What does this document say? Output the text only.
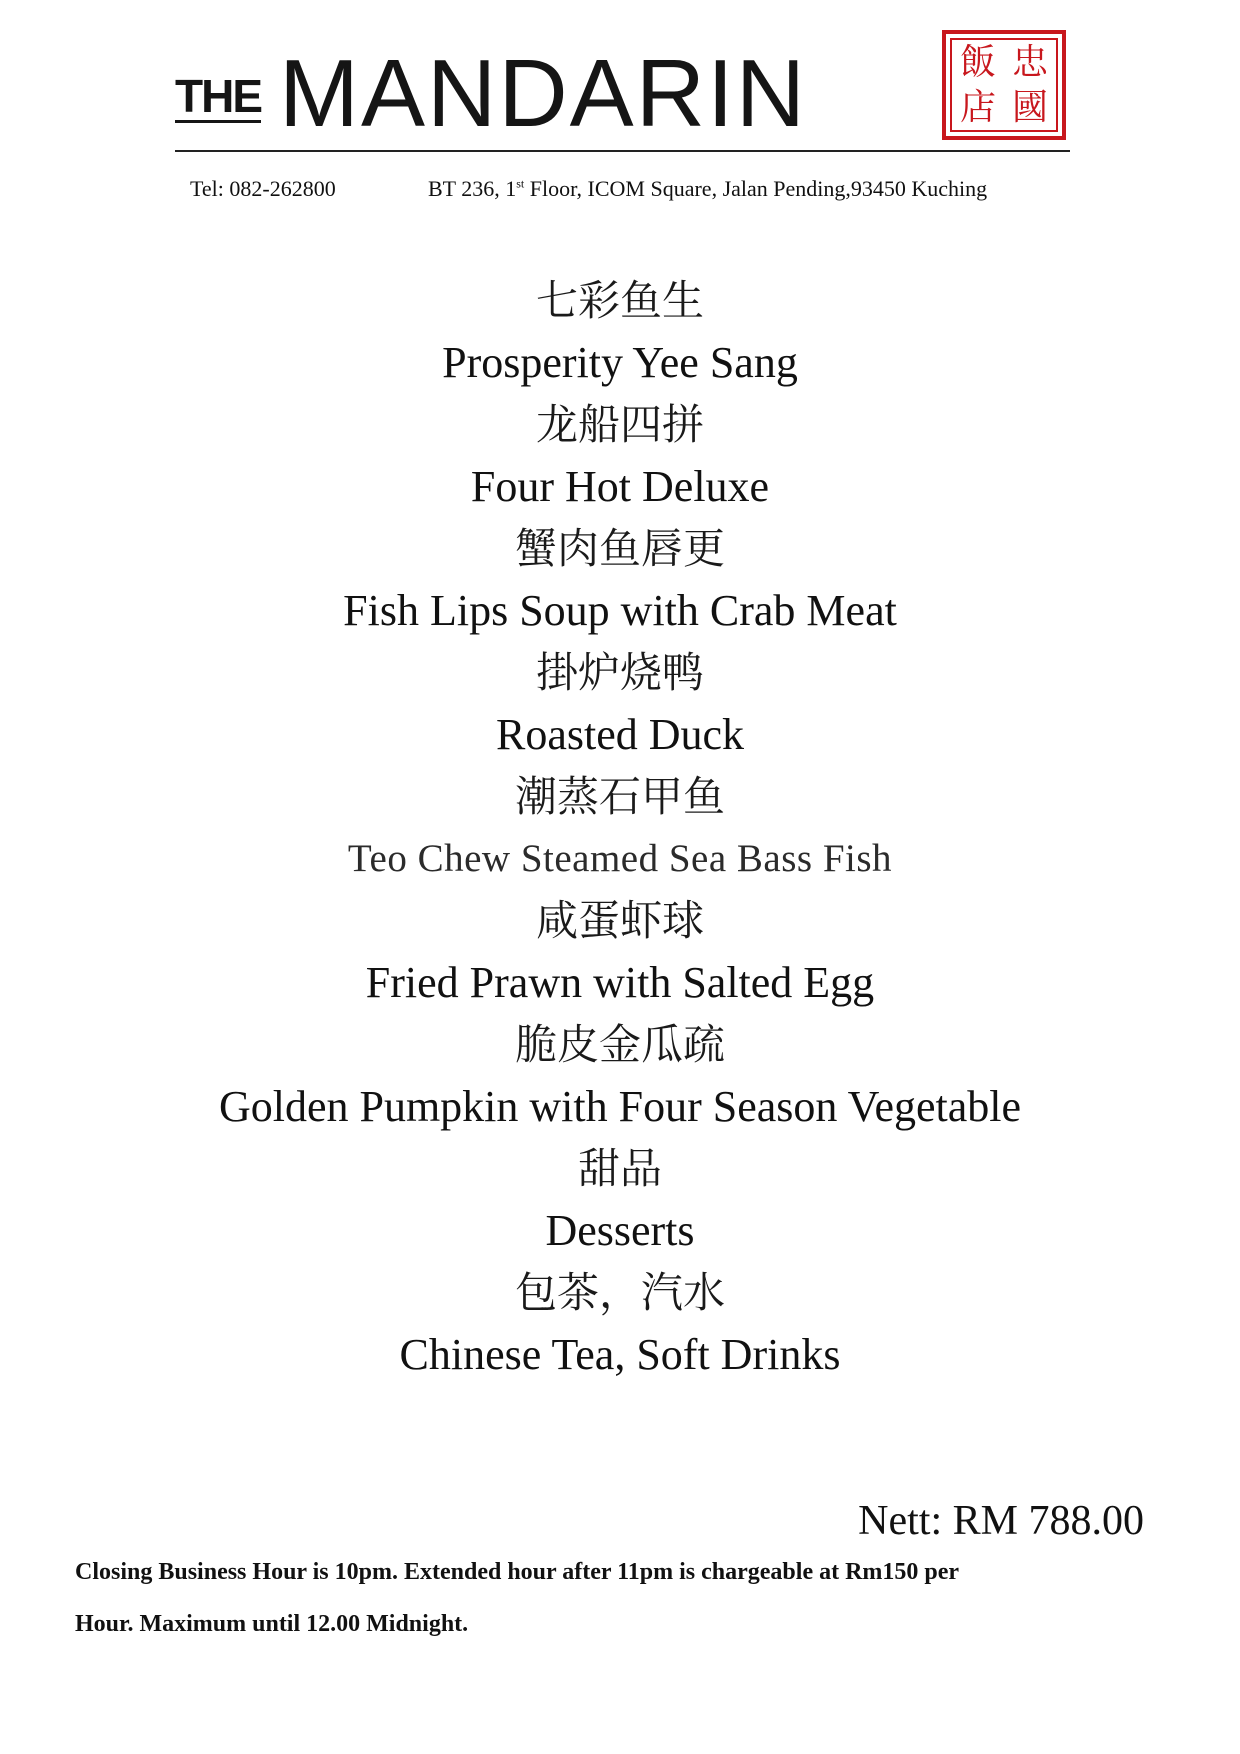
THE MANDARIN	飯 忠
店 國
Tel: 082-262800	BT 236, 1st Floor, ICOM Square, Jalan Pending,93450 Kuching
七彩鱼生
Prosperity Yee Sang
龙船四拼
Four Hot Deluxe
蟹肉鱼唇更
Fish Lips Soup with Crab Meat
掛炉烧鸭
Roasted Duck
潮蒸石甲鱼
Teo Chew Steamed Sea Bass Fish
咸蛋虾球
Fried Prawn with Salted Egg
脆皮金瓜疏
Golden Pumpkin with Four Season Vegetable
甜品
Desserts
包茶，汽水
Chinese Tea, Soft Drinks
Nett: RM 788.00
Closing Business Hour is 10pm. Extended hour after 11pm is chargeable at Rm150 per
Hour. Maximum until 12.00 Midnight.
